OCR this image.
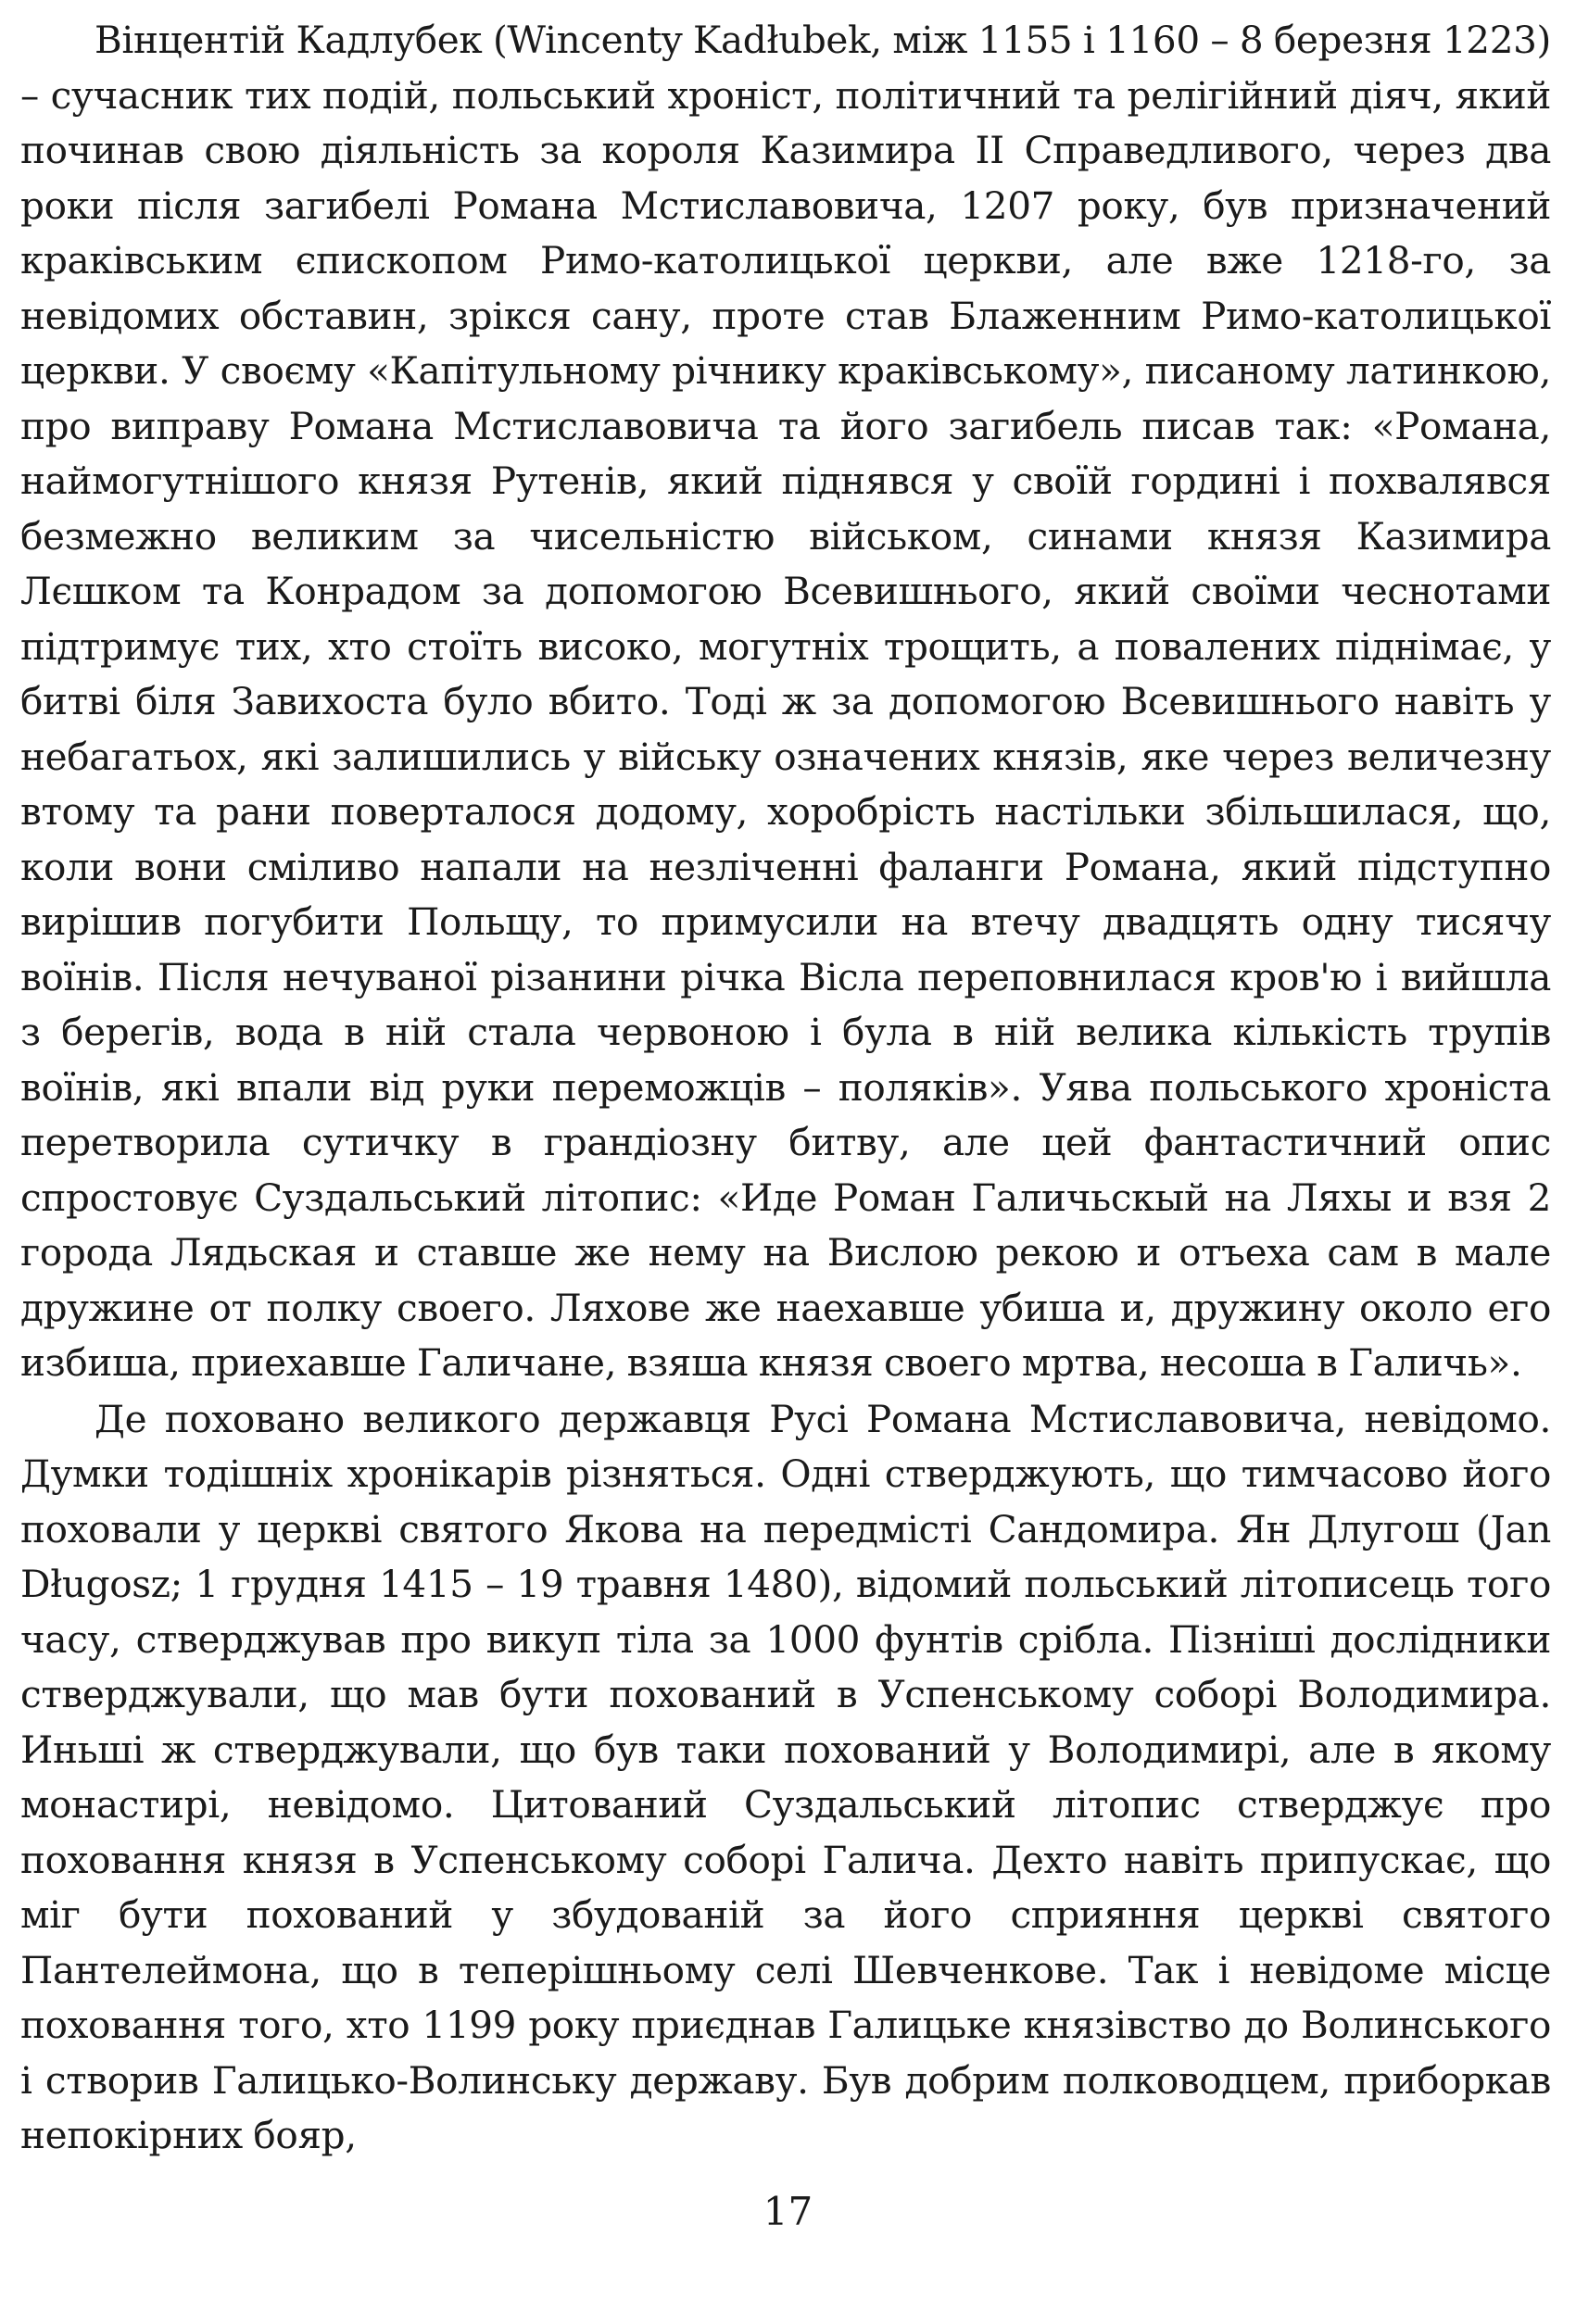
Вінцентій Кадлубек (Wincenty Kadłubek, між 1155 і 1160 – 8 березня 1223) – сучасник тих подій, польський хроніст, політичний та релігійний діяч, який починав свою діяльність за короля Казимира II Справедливого, через два роки після загибелі Романа Мстиславовича, 1207 року, був призначений краківським єпископом Римо-католицької церкви, але вже 1218-го, за невідомих обставин, зрікся сану, проте став Блаженним Римо-католицької церкви. У своєму «Капітульному річнику краківському», писаному латинкою, про виправу Романа Мстиславовича та його загибель писав так: «Романа, наймогутнішого князя Рутенів, який піднявся у своїй гордині і похвалявся безмежно великим за чисельністю військом, синами князя Казимира Лєшком та Конрадом за допомогою Всевишнього, який своїми чеснотами підтримує тих, хто стоїть високо, могутніх трощить, а повалених піднімає, у битві біля Завихоста було вбито. Тоді ж за допомогою Всевишнього навіть у небагатьох, які залишились у війську означених князів, яке через величезну втому та рани поверталося додому, хоробрість настільки збільшилася, що, коли вони сміливо напали на незліченні фаланги Романа, який підступно вирішив погубити Польщу, то примусили на втечу двадцять одну тисячу воїнів. Після нечуваної різанини річка Вісла переповнилася кров'ю і вийшла з берегів, вода в ній стала червоною і була в ній велика кількість трупів воїнів, які впали від руки переможців – поляків». Уява польського хроніста перетворила сутичку в грандіозну битву, але цей фантастичний опис спростовує Суздальський літопис: «Иде Роман Галичьскый на Ляхы и взя 2 города Лядьская и ставше же нему на Вислою рекою и отъеха сам в мале дружине от полку своего. Ляхове же наехавше убиша и, дружину около его избиша, приехавше Галичане, взяша князя своего мртва, несоша в Галичь».

Де поховано великого державця Русі Романа Мстиславовича, невідомо. Думки тодішніх хронікарів різняться. Одні стверджують, що тимчасово його поховали у церкві святого Якова на передмісті Сандомира. Ян Длугош (Jan Długosz; 1 грудня 1415 – 19 травня 1480), відомий польський літописець того часу, стверджував про викуп тіла за 1000 фунтів срібла. Пізніші дослідники стверджували, що мав бути похований в Успенському соборі Володимира. Иньші ж стверджували, що був таки похований у Володимирі, але в якому монастирі, невідомо. Цитований Суздальський літопис стверджує про поховання князя в Успенському соборі Галича. Дехто навіть припускає, що міг бути похований у збудованій за його сприяння церкві святого Пантелеймона, що в теперішньому селі Шевченкове. Так і невідоме місце поховання того, хто 1199 року приєднав Галицьке князівство до Волинського і створив Галицько-Волинську державу. Був добрим полководцем, приборкав непокірних бояр,

17
